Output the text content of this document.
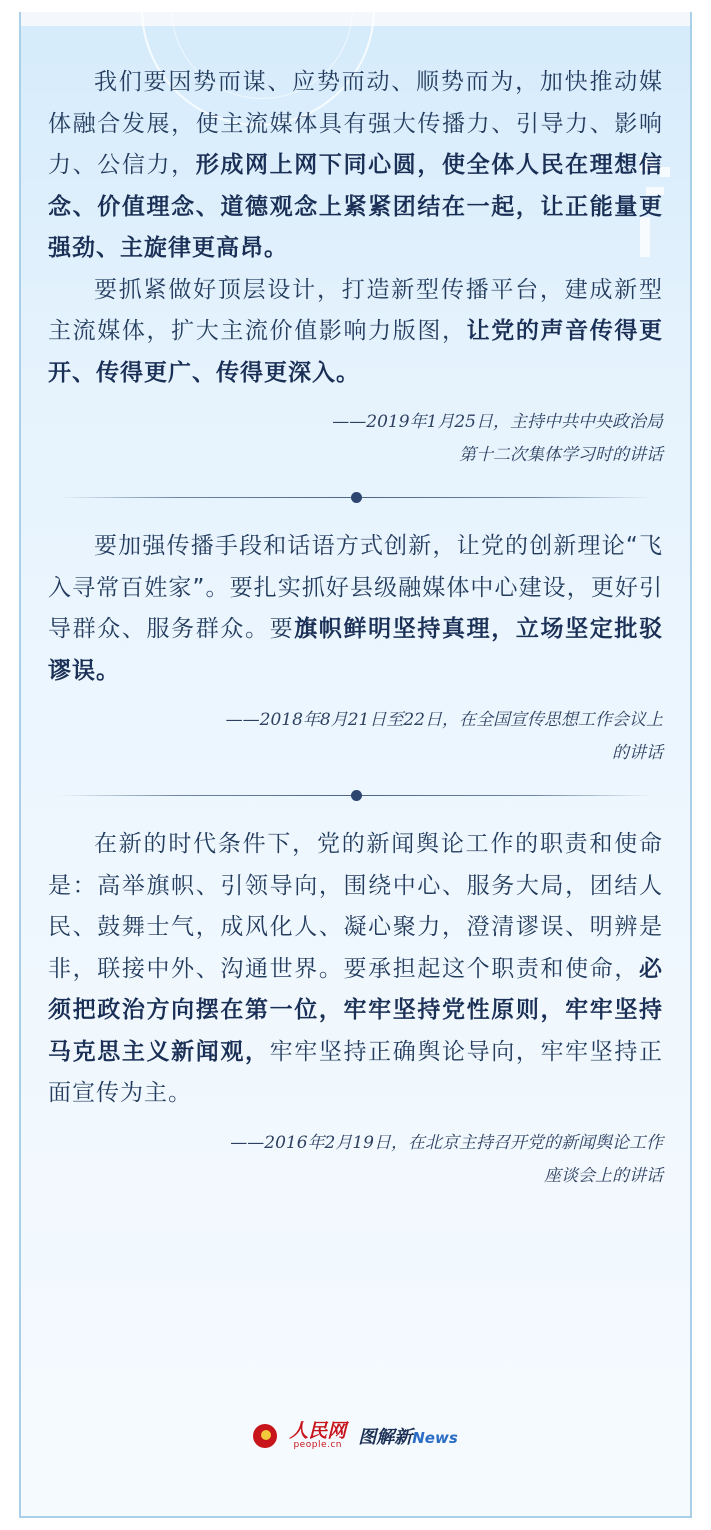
我们要因势而谋、应势而动、顺势而为，加快推动媒体融合发展，使主流媒体具有强大传播力、引导力、影响力、公信力，形成网上网下同心圆，使全体人民在理想信念、价值理念、道德观念上紧紧团结在一起，让正能量更强劲、主旋律更高昂。

要抓紧做好顶层设计，打造新型传播平台，建成新型主流媒体，扩大主流价值影响力版图，让党的声音传得更开、传得更广、传得更深入。

——2019年1月25日，主持中共中央政治局
第十二次集体学习时的讲话

要加强传播手段和话语方式创新，让党的创新理论“飞入寻常百姓家”。要扎实抓好县级融媒体中心建设，更好引导群众、服务群众。要旗帜鲜明坚持真理，立场坚定批驳谬误。

——2018年8月21日至22日，在全国宣传思想工作会议上
的讲话

在新的时代条件下，党的新闻舆论工作的职责和使命是：高举旗帜、引领导向，围绕中心、服务大局，团结人民、鼓舞士气，成风化人、凝心聚力，澄清谬误、明辨是非，联接中外、沟通世界。要承担起这个职责和使命，必须把政治方向摆在第一位，牢牢坚持党性原则，牢牢坚持马克思主义新闻观，牢牢坚持正确舆论导向，牢牢坚持正面宣传为主。

——2016年2月19日，在北京主持召开党的新闻舆论工作
座谈会上的讲话
人民网
people.cn 图解新News
